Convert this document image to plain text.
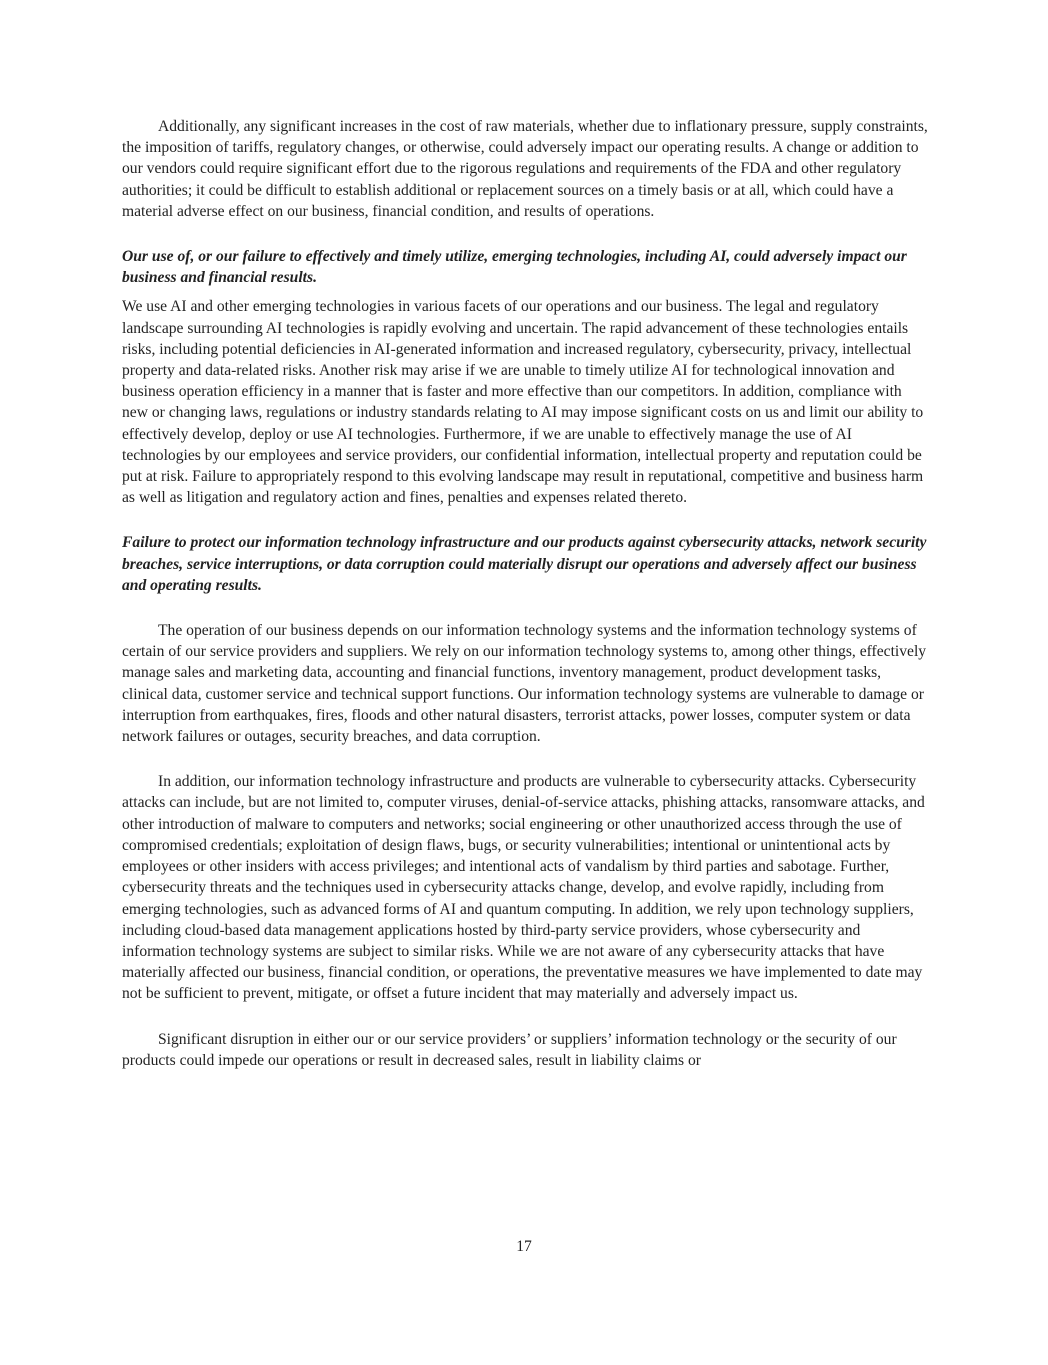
Additionally, any significant increases in the cost of raw materials, whether due to inflationary pressure, supply constraints, the imposition of tariffs, regulatory changes, or otherwise, could adversely impact our operating results. A change or addition to our vendors could require significant effort due to the rigorous regulations and requirements of the FDA and other regulatory authorities; it could be difficult to establish additional or replacement sources on a timely basis or at all, which could have a material adverse effect on our business, financial condition, and results of operations.

Our use of, or our failure to effectively and timely utilize, emerging technologies, including AI, could adversely impact our business and financial results.

We use AI and other emerging technologies in various facets of our operations and our business. The legal and regulatory landscape surrounding AI technologies is rapidly evolving and uncertain. The rapid advancement of these technologies entails risks, including potential deficiencies in AI-generated information and increased regulatory, cybersecurity, privacy, intellectual property and data-related risks. Another risk may arise if we are unable to timely utilize AI for technological innovation and business operation efficiency in a manner that is faster and more effective than our competitors. In addition, compliance with new or changing laws, regulations or industry standards relating to AI may impose significant costs on us and limit our ability to effectively develop, deploy or use AI technologies. Furthermore, if we are unable to effectively manage the use of AI technologies by our employees and service providers, our confidential information, intellectual property and reputation could be put at risk. Failure to appropriately respond to this evolving landscape may result in reputational, competitive and business harm as well as litigation and regulatory action and fines, penalties and expenses related thereto.

Failure to protect our information technology infrastructure and our products against cybersecurity attacks, network security breaches, service interruptions, or data corruption could materially disrupt our operations and adversely affect our business and operating results.

The operation of our business depends on our information technology systems and the information technology systems of certain of our service providers and suppliers. We rely on our information technology systems to, among other things, effectively manage sales and marketing data, accounting and financial functions, inventory management, product development tasks, clinical data, customer service and technical support functions. Our information technology systems are vulnerable to damage or interruption from earthquakes, fires, floods and other natural disasters, terrorist attacks, power losses, computer system or data network failures or outages, security breaches, and data corruption.

In addition, our information technology infrastructure and products are vulnerable to cybersecurity attacks. Cybersecurity attacks can include, but are not limited to, computer viruses, denial-of-service attacks, phishing attacks, ransomware attacks, and other introduction of malware to computers and networks; social engineering or other unauthorized access through the use of compromised credentials; exploitation of design flaws, bugs, or security vulnerabilities; intentional or unintentional acts by employees or other insiders with access privileges; and intentional acts of vandalism by third parties and sabotage. Further, cybersecurity threats and the techniques used in cybersecurity attacks change, develop, and evolve rapidly, including from emerging technologies, such as advanced forms of AI and quantum computing. In addition, we rely upon technology suppliers, including cloud-based data management applications hosted by third-party service providers, whose cybersecurity and information technology systems are subject to similar risks. While we are not aware of any cybersecurity attacks that have materially affected our business, financial condition, or operations, the preventative measures we have implemented to date may not be sufficient to prevent, mitigate, or offset a future incident that may materially and adversely impact us.

Significant disruption in either our or our service providers’ or suppliers’ information technology or the security of our products could impede our operations or result in decreased sales, result in liability claims or

17
